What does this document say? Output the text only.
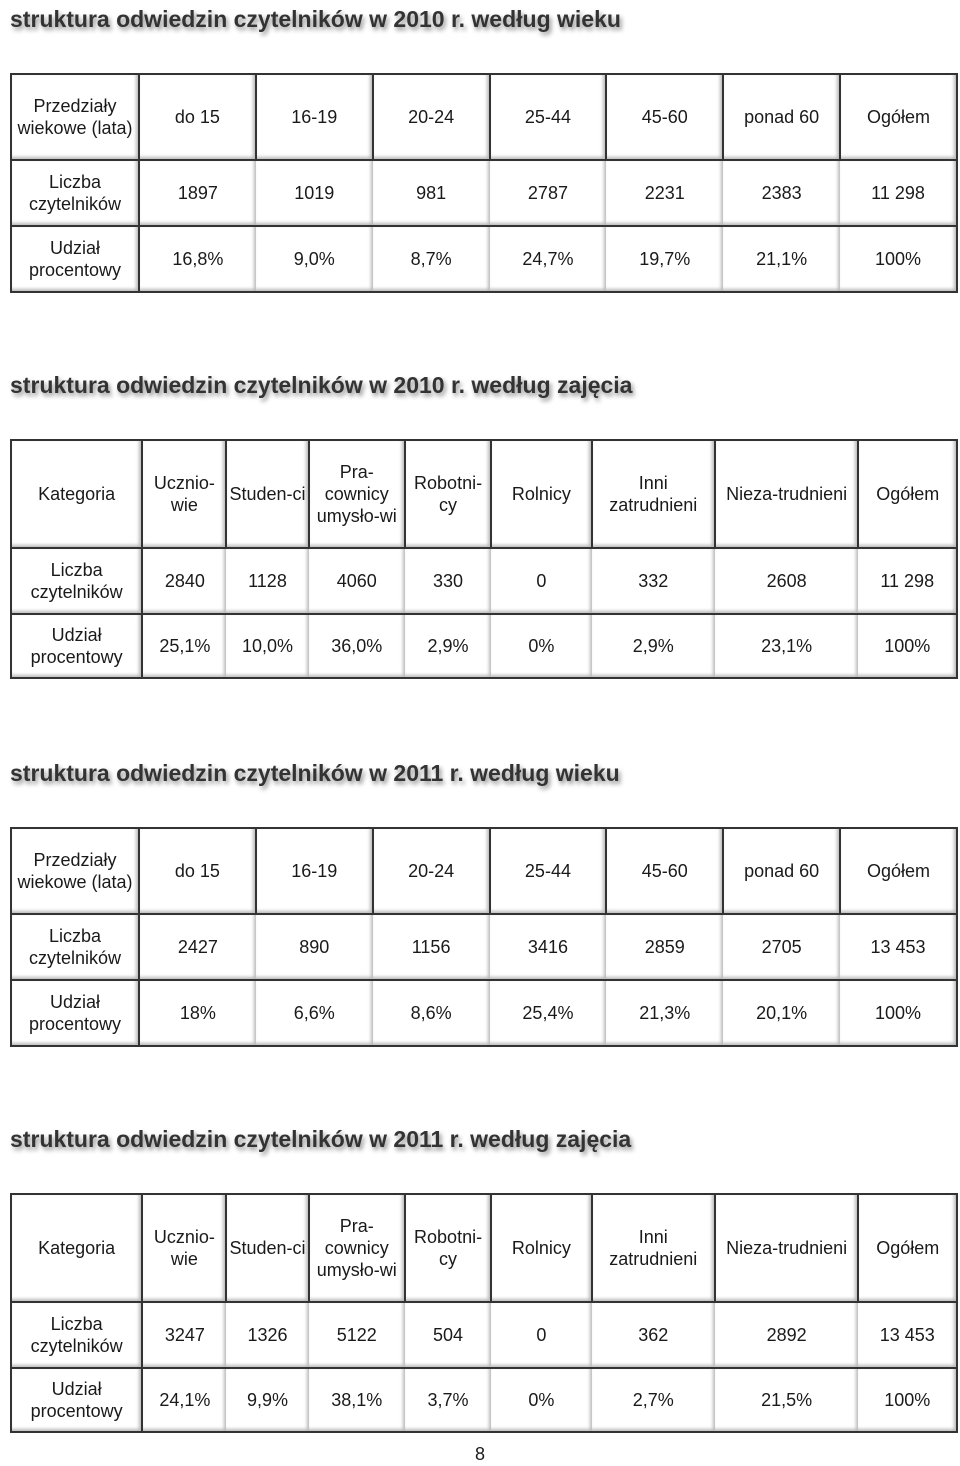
struktura odwiedzin czytelników w 2010 r. według wieku
Przedziały wiekowe (lata)	do 15	16-19	20-24	25-44	45-60	ponad 60	Ogółem
Liczba czytelników	1897	1019	981	2787	2231	2383	11 298
Udział procentowy	16,8%	9,0%	8,7%	24,7%	19,7%	21,1%	100%
struktura odwiedzin czytelników w 2010 r. według zajęcia
Kategoria	Ucznio-wie	Studen-ci	Pra-cownicy umysło-wi	Robotni-cy	Rolnicy	Inni zatrudnieni	Nieza-trudnieni	Ogółem
Liczba czytelników	2840	1128	4060	330	0	332	2608	11 298
Udział procentowy	25,1%	10,0%	36,0%	2,9%	0%	2,9%	23,1%	100%
struktura odwiedzin czytelników w 2011 r. według wieku
Przedziały wiekowe (lata)	do 15	16-19	20-24	25-44	45-60	ponad 60	Ogółem
Liczba czytelników	2427	890	1156	3416	2859	2705	13 453
Udział procentowy	18%	6,6%	8,6%	25,4%	21,3%	20,1%	100%
struktura odwiedzin czytelników w 2011 r. według zajęcia
Kategoria	Ucznio-wie	Studen-ci	Pra-cownicy umysło-wi	Robotni-cy	Rolnicy	Inni zatrudnieni	Nieza-trudnieni	Ogółem
Liczba czytelników	3247	1326	5122	504	0	362	2892	13 453
Udział procentowy	24,1%	9,9%	38,1%	3,7%	0%	2,7%	21,5%	100%
8
